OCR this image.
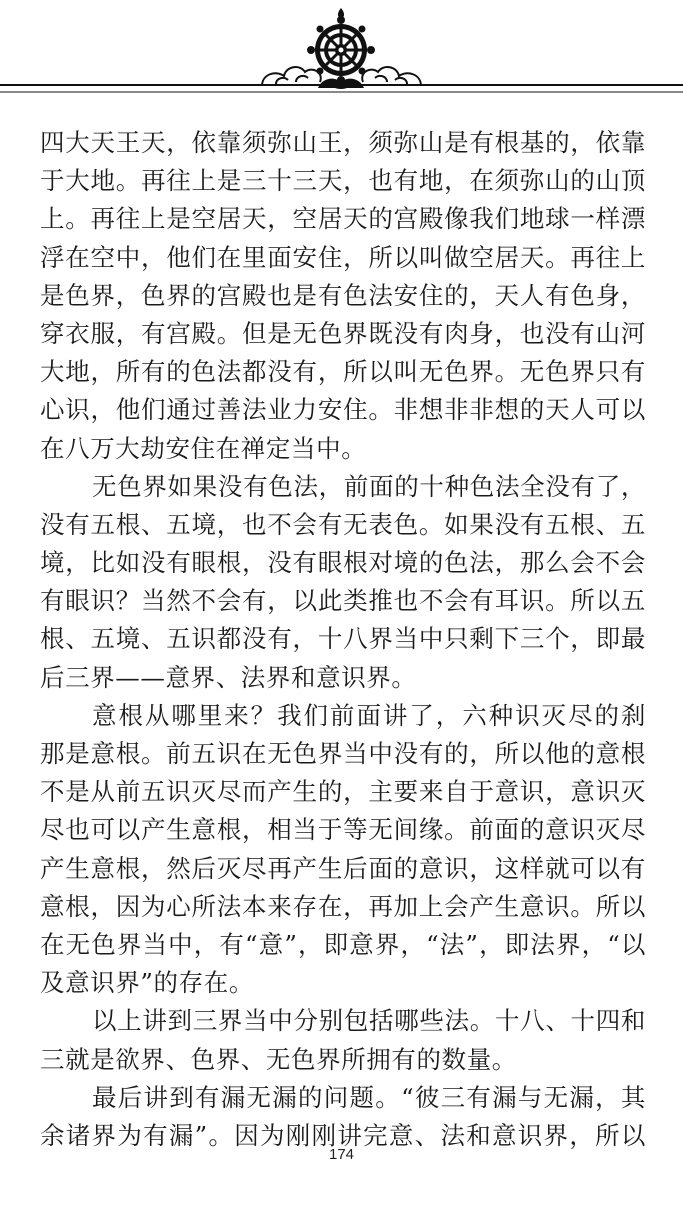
四大天王天，依靠须弥山王，须弥山是有根基的，依靠
于大地。再往上是三十三天，也有地，在须弥山的山顶
上。再往上是空居天，空居天的宫殿像我们地球一样漂
浮在空中，他们在里面安住，所以叫做空居天。再往上
是色界，色界的宫殿也是有色法安住的，天人有色身，
穿衣服，有宫殿。但是无色界既没有肉身，也没有山河
大地，所有的色法都没有，所以叫无色界。无色界只有
心识，他们通过善法业力安住。非想非非想的天人可以
在八万大劫安住在禅定当中。

无色界如果没有色法，前面的十种色法全没有了，
没有五根、五境，也不会有无表色。如果没有五根、五
境，比如没有眼根，没有眼根对境的色法，那么会不会
有眼识？当然不会有，以此类推也不会有耳识。所以五
根、五境、五识都没有，十八界当中只剩下三个，即最
后三界——意界、法界和意识界。

意根从哪里来？我们前面讲了，六种识灭尽的刹
那是意根。前五识在无色界当中没有的，所以他的意根
不是从前五识灭尽而产生的，主要来自于意识，意识灭
尽也可以产生意根，相当于等无间缘。前面的意识灭尽
产生意根，然后灭尽再产生后面的意识，这样就可以有
意根，因为心所法本来存在，再加上会产生意识。所以
在无色界当中，有“意”，即意界，“法”，即法界，“以
及意识界”的存在。

以上讲到三界当中分别包括哪些法。十八、十四和
三就是欲界、色界、无色界所拥有的数量。

最后讲到有漏无漏的问题。“彼三有漏与无漏，其
余诸界为有漏”。因为刚刚讲完意、法和意识界，所以

174
